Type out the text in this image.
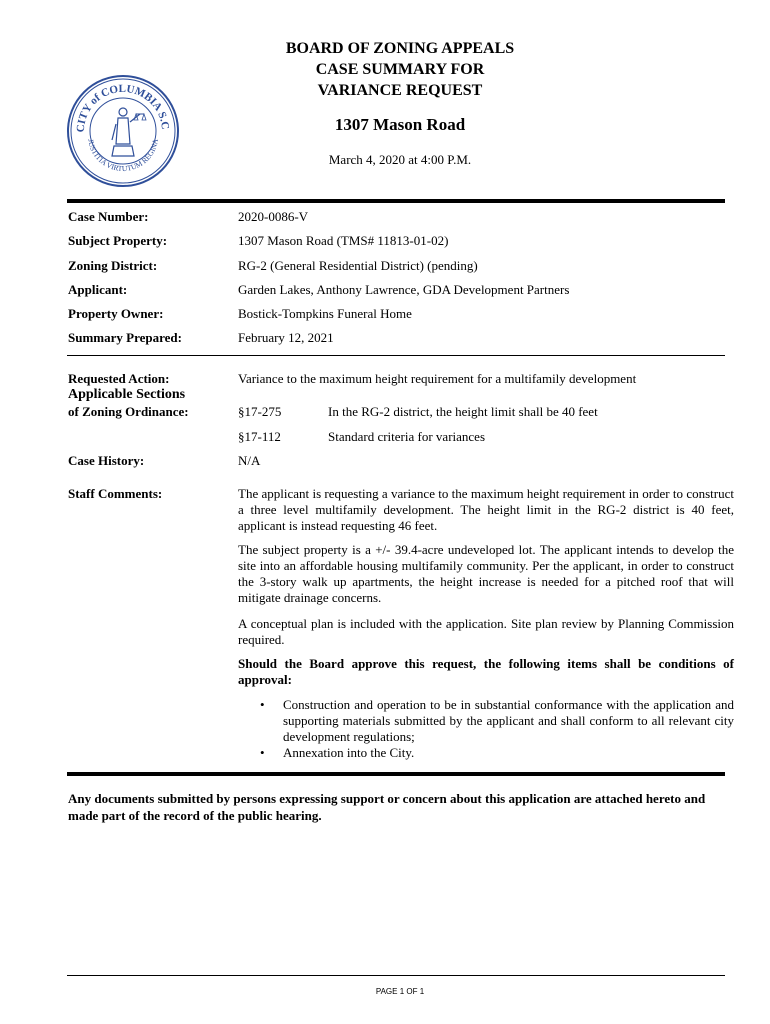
CITY of COLUMBIA S.C
JUSTITIA VIRTUTUM REGINA
BOARD OF ZONING APPEALS
CASE SUMMARY FOR
VARIANCE REQUEST
1307 Mason Road
March 4, 2020 at 4:00 P.M.
Case Number:	2020-0086-V
Subject Property:	1307 Mason Road (TMS# 11813-01-02)
Zoning District:	RG-2 (General Residential District) (pending)
Applicant:	Garden Lakes, Anthony Lawrence, GDA Development Partners
Property Owner:	Bostick-Tompkins Funeral Home
Summary Prepared:	February 12, 2021
Requested Action:	Variance to the maximum height requirement for a multifamily development
Applicable Sections
of Zoning Ordinance:	§17-275	In the RG-2 district, the height limit shall be 40 feet
§17-112	Standard criteria for variances
Case History:	N/A
Staff Comments:	The applicant is requesting a variance to the maximum height requirement in order to construct a three level multifamily development. The height limit in the RG-2 district is 40 feet, applicant is instead requesting 46 feet.
The subject property is a +/- 39.4-acre undeveloped lot. The applicant intends to develop the site into an affordable housing multifamily community. Per the applicant, in order to construct the 3-story walk up apartments, the height increase is needed for a pitched roof that will mitigate drainage concerns.
A conceptual plan is included with the application. Site plan review by Planning Commission required.
Should the Board approve this request, the following items shall be conditions of approval:
• Construction and operation to be in substantial conformance with the application and supporting materials submitted by the applicant and shall conform to all relevant city development regulations;
• Annexation into the City.
Any documents submitted by persons expressing support or concern about this application are attached hereto and made part of the record of the public hearing.
PAGE 1 OF 1
